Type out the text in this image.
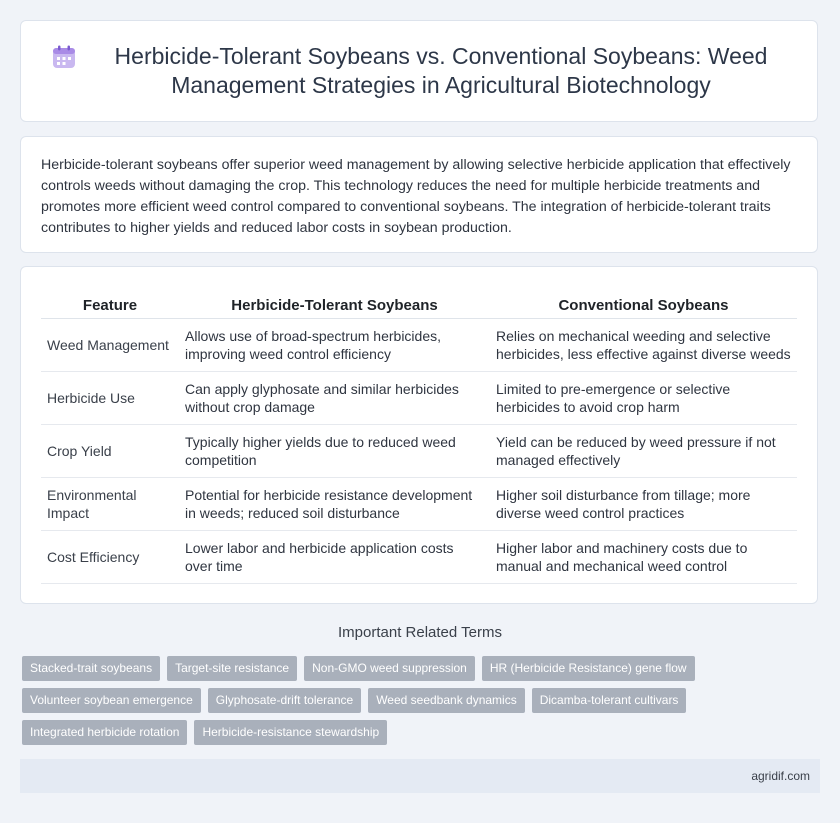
Herbicide-Tolerant Soybeans vs. Conventional Soybeans: Weed Management Strategies in Agricultural Biotechnology

Herbicide-tolerant soybeans offer superior weed management by allowing selective herbicide application that effectively controls weeds without damaging the crop. This technology reduces the need for multiple herbicide treatments and promotes more efficient weed control compared to conventional soybeans. The integration of herbicide-tolerant traits contributes to higher yields and reduced labor costs in soybean production.

Feature	Herbicide-Tolerant Soybeans	Conventional Soybeans
Weed Management	Allows use of broad-spectrum herbicides, improving weed control efficiency	Relies on mechanical weeding and selective herbicides, less effective against diverse weeds
Herbicide Use	Can apply glyphosate and similar herbicides without crop damage	Limited to pre-emergence or selective herbicides to avoid crop harm
Crop Yield	Typically higher yields due to reduced weed competition	Yield can be reduced by weed pressure if not managed effectively
Environmental Impact	Potential for herbicide resistance development in weeds; reduced soil disturbance	Higher soil disturbance from tillage; more diverse weed control practices
Cost Efficiency	Lower labor and herbicide application costs over time	Higher labor and machinery costs due to manual and mechanical weed control
Important Related Terms
Stacked-trait soybeans	Target-site resistance	Non-GMO weed suppression	HR (Herbicide Resistance) gene flow
Volunteer soybean emergence	Glyphosate-drift tolerance	Weed seedbank dynamics	Dicamba-tolerant cultivars
Integrated herbicide rotation	Herbicide-resistance stewardship
agridif.com
